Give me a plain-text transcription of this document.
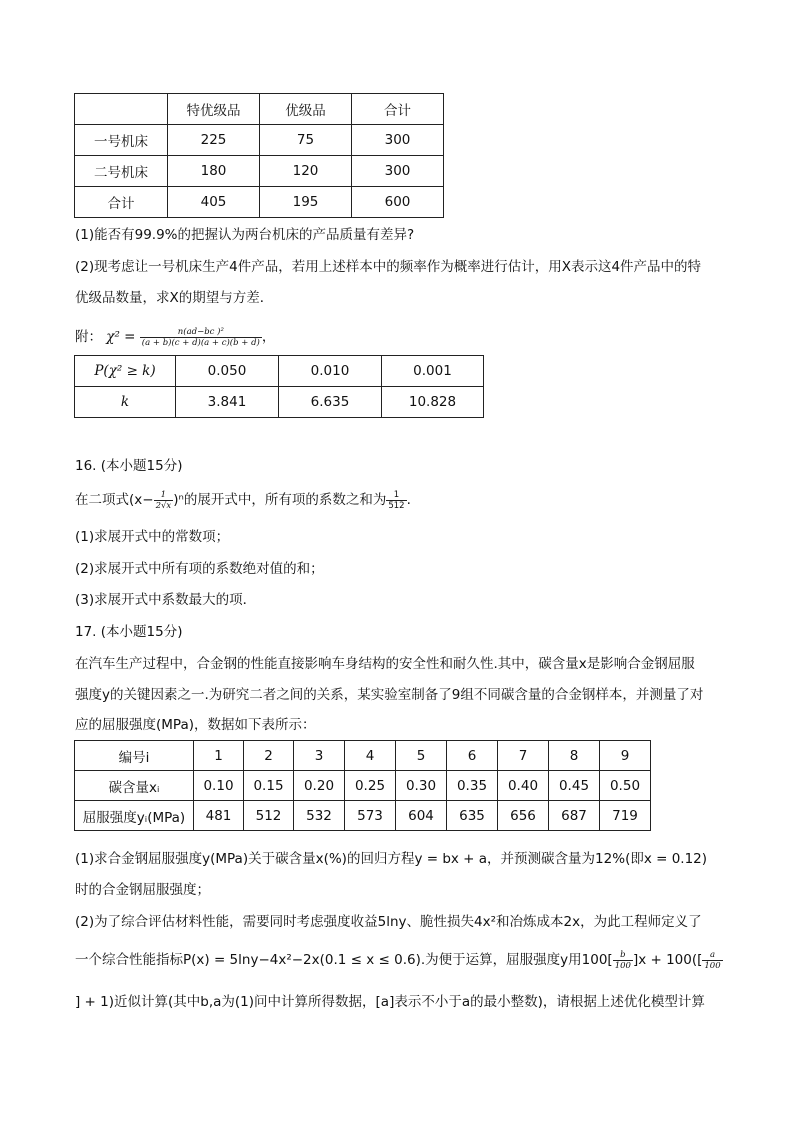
	特优级品	优级品	合计
一号机床	225	75	300
二号机床	180	120	300
合计	405	195	600
(1)能否有99.9%的把握认为两台机床的产品质量有差异?
(2)现考虑让一号机床生产4件产品，若用上述样本中的频率作为概率进行估计，用X表示这4件产品中的特
优级品数量，求X的期望与方差．
附： $\chi^2 = \frac{\text{n(ad−bc )²}}{(a + b)(c + d)(a + c)(b + d)}$ ，
P(χ² ≥ k)	0.050	0.010	0.001
k	3.841	6.635	10.828
16. (本小题15分)
在二项式$(x- \frac{1}{2√x} )^n$的展开式中，所有项的系数之和为 $\frac{1}{512}$ .
(1)求展开式中的常数项；
(2)求展开式中所有项的系数绝对值的和；
(3)求展开式中系数最大的项．
17. (本小题15分)
在汽车生产过程中，合金钢的性能直接影响车身结构的安全性和耐久性.其中，碳含量x是影响合金钢屈服
强度y的关键因素之一.为研究二者之间的关系，某实验室制备了9组不同碳含量的合金钢样本，并测量了对
应的屈服强度(MPa)，数据如下表所示：
编号i	1	2	3	4	5	6	7	8	9
碳含量xᵢ	0.10	0.15	0.20	0.25	0.30	0.35	0.40	0.45	0.50
屈服强度yᵢ(MPa)	481	512	532	573	604	635	656	687	719
(1)求合金钢屈服强度y(MPa)关于碳含量x(%)的回归方程y = bx + a，并预测碳含量为12%(即x = 0.12)
时的合金钢屈服强度；
(2)为了综合评估材料性能，需要同时考虑强度收益5lny、脆性损失4x²和冶炼成本2x，为此工程师定义了
一个综合性能指标P(x) = 5lny−4x²−2x(0.1 ≤ x ≤ 0.6).为便于运算，屈服强度y用$100[ \frac{b}{100} ]x + 100([ \frac{a}{100}$
] + 1)近似计算(其中b,a为(1)问中计算所得数据，[a]表示不小于a的最小整数)，请根据上述优化模型计算
